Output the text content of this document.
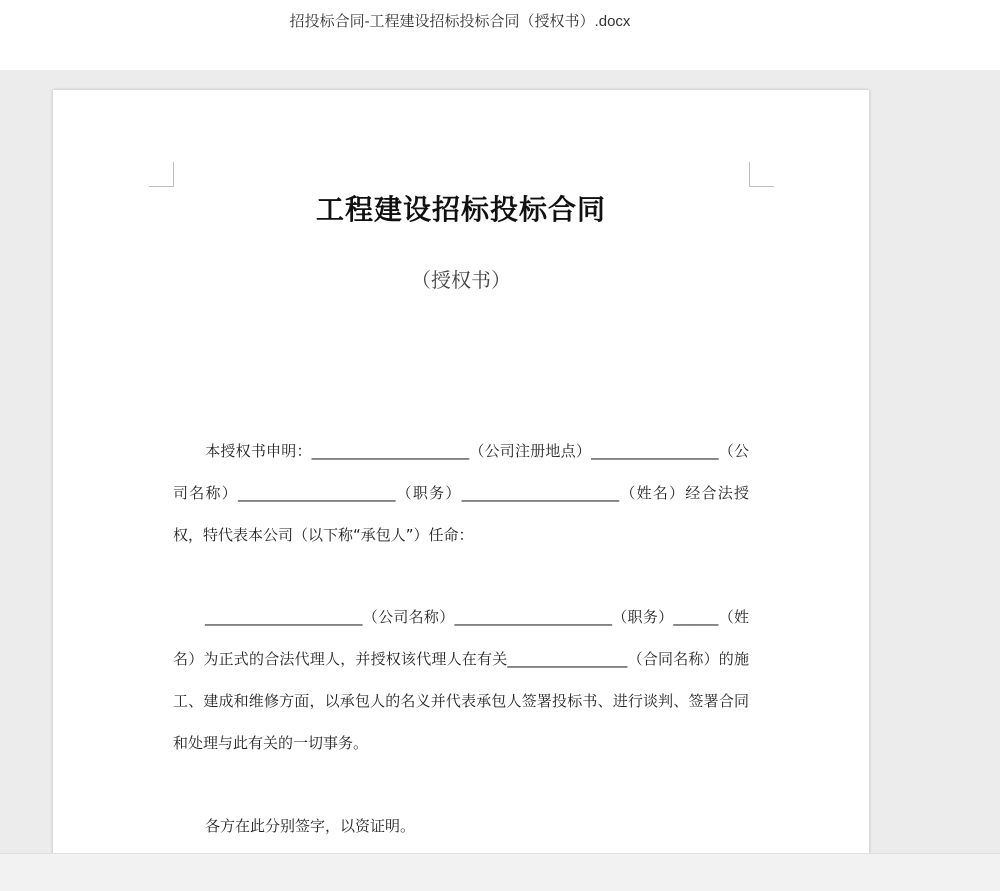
招投标合同-工程建设招标投标合同（授权书）.docx
工程建设招标投标合同
（授权书）

本授权书申明：_____________________（公司注册地点）_________________（公司名称）_____________________（职务）_____________________（姓名）经合法授权，特代表本公司（以下称“承包人”）任命：

_____________________（公司名称）_____________________（职务）______（姓名）为正式的合法代理人，并授权该代理人在有关________________（合同名称）的施工、建成和维修方面，以承包人的名义并代表承包人签署投标书、进行谈判、签署合同和处理与此有关的一切事务。

各方在此分别签字，以资证明。
